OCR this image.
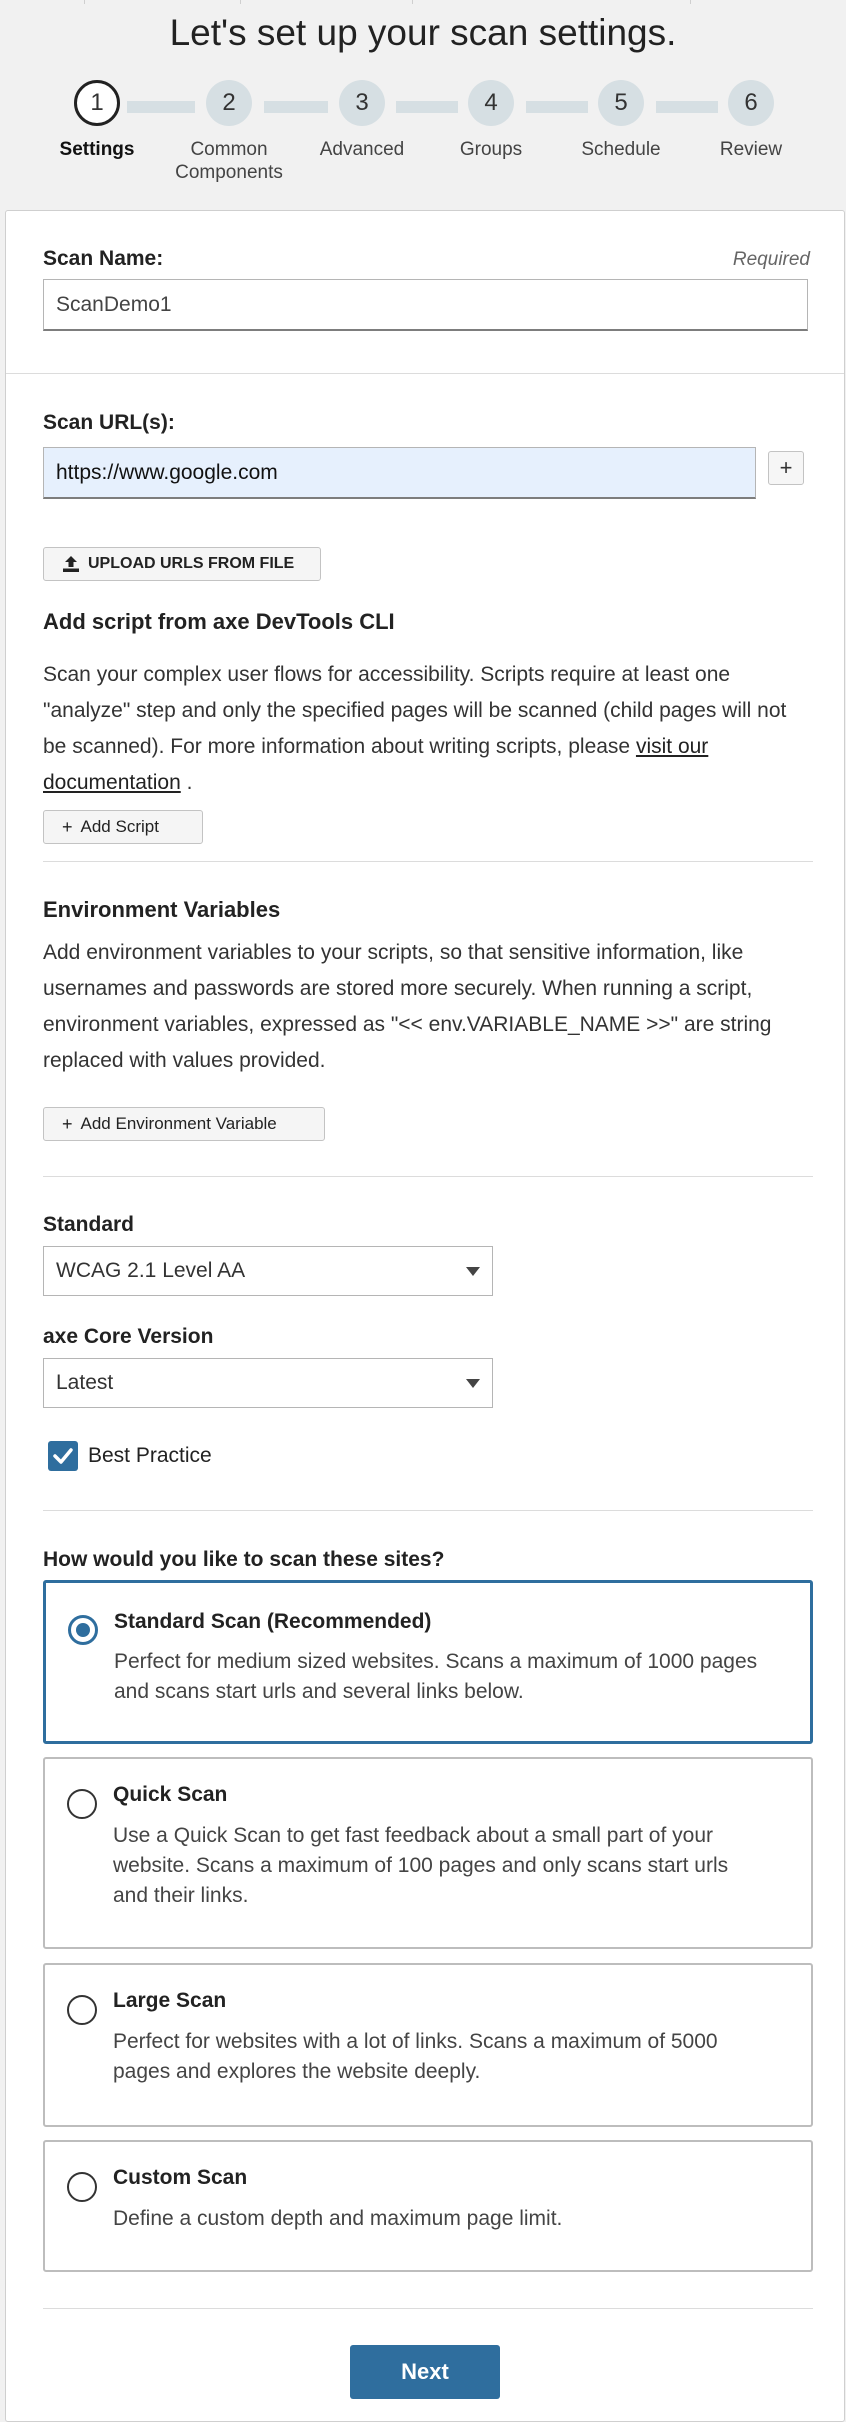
Let's set up your scan settings.
1
Settings
2
Common
Components
3
Advanced
4
Groups
5
Schedule
6
Review
Scan Name:	Required
ScanDemo1
Scan URL(s):
https://www.google.com	+
UPLOAD URLS FROM FILE
Add script from axe DevTools CLI
Scan your complex user flows for accessibility. Scripts require at least one "analyze" step and only the specified pages will be scanned (child pages will not be scanned). For more information about writing scripts, please visit our documentation .
+ Add Script
Environment Variables
Add environment variables to your scripts, so that sensitive information, like usernames and passwords are stored more securely. When running a script, environment variables, expressed as "<< env.VARIABLE_NAME >>" are string replaced with values provided.
+ Add Environment Variable
Standard
WCAG 2.1 Level AA
axe Core Version
Latest
Best Practice
How would you like to scan these sites?
Standard Scan (Recommended)
Perfect for medium sized websites. Scans a maximum of 1000 pages and scans start urls and several links below.
Quick Scan
Use a Quick Scan to get fast feedback about a small part of your website. Scans a maximum of 100 pages and only scans start urls and their links.
Large Scan
Perfect for websites with a lot of links. Scans a maximum of 5000 pages and explores the website deeply.
Custom Scan
Define a custom depth and maximum page limit.
Next
